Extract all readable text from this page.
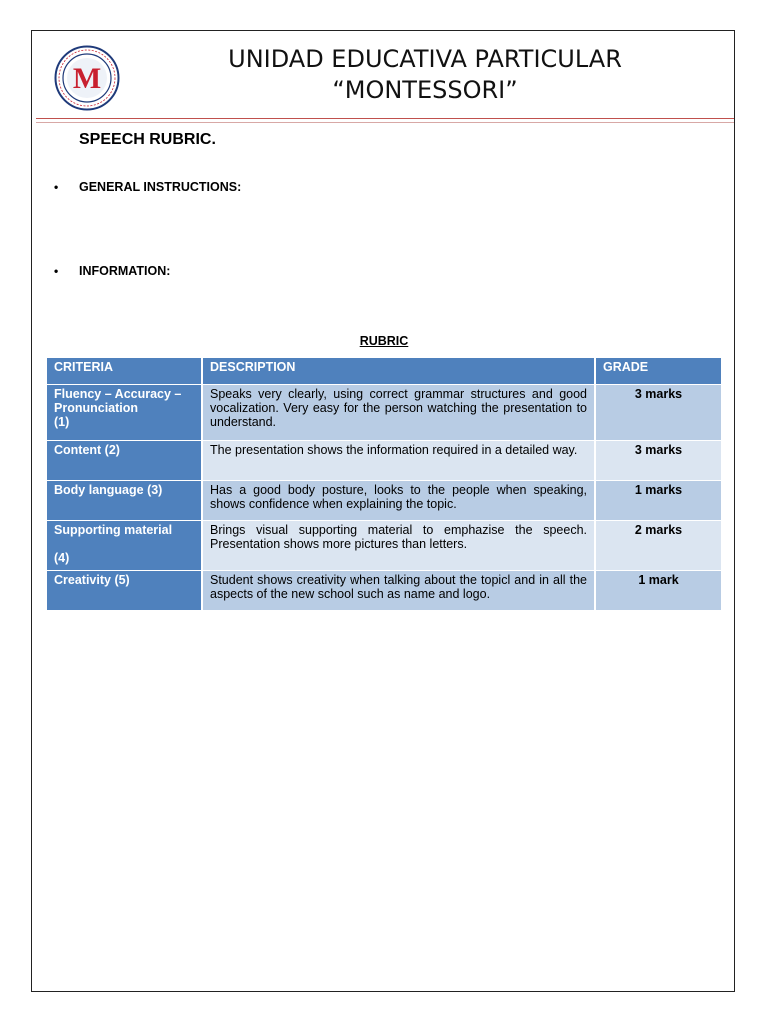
M
UNIDAD EDUCATIVA PARTICULAR
“MONTESSORI”
SPEECH RUBRIC.
• GENERAL INSTRUCTIONS:
• INFORMATION:
RUBRIC
CRITERIA	DESCRIPTION	GRADE
Fluency – Accuracy – Pronunciation
(1)	Speaks very clearly, using correct grammar structures and good vocalization. Very easy for the person watching the presentation to understand.	3 marks
Content (2)	The presentation shows the information required in a detailed way.	3 marks
Body language (3)	Has a good body posture, looks to the people when speaking, shows confidence when explaining the topic.	1 marks
Supporting material

(4)	Brings visual supporting material to emphazise the speech. Presentation shows more pictures than letters.	2 marks
Creativity (5)	Student shows creativity when talking about the topicl and in all the aspects of the new school such as name and logo.	1 mark
